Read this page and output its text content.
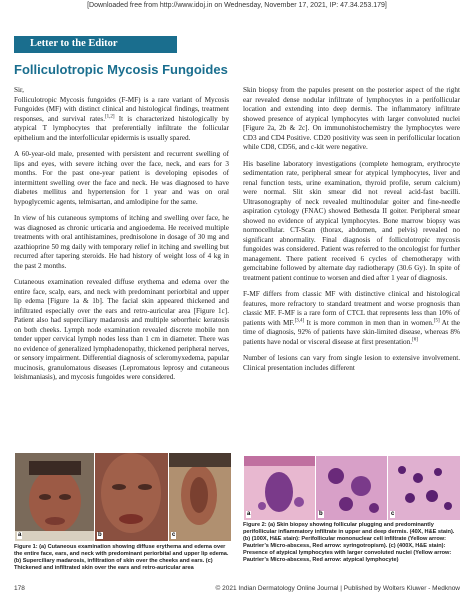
[Downloaded free from http://www.idoj.in on Wednesday, November 17, 2021, IP: 47.34.253.179]
Letter to the Editor
Folliculotropic Mycosis Fungoides

Sir,

Folliculotropic Mycosis fungoides (F-MF) is a rare variant of Mycosis Fungoides (MF) with distinct clinical and histological findings, treatment responses, and survival rates.[1,2] It is characterized histologically by atypical T lymphocytes that preferentially infiltrate the follicular epithelium and the interfollicular epidermis is usually spared.

A 60-year-old male, presented with persistent and recurrent swelling of lips and eyes, with severe itching over the face, neck, and ears for 3 months. For the past one-year patient is developing episodes of intermittent swelling over the face and neck. He was diagnosed to have diabetes mellitus and hypertension for 1 year and was on oral hypoglycemic agents, telmisartan, and amlodipine for the same.

In view of his cutaneous symptoms of itching and swelling over face, he was diagnosed as chronic urticaria and angioedema. He received multiple treatments with oral antihistamines, prednisolone in dosage of 30 mg and azathioprine 50 mg daily with temporary relief in itching and swelling but recurred after tapering steroids. He had history of weight loss of 4 kg in the past 2 months.

Cutaneous examination revealed diffuse erythema and edema over the entire face, scalp, ears, and neck with predominant periorbital and upper lip edema [Figure 1a & 1b]. The facial skin appeared thickened and infiltrated especially over the ears and retro-auricular area [Figure 1c]. Patient also had superciliary madarosis and multiple seborrheic keratosis on both cheeks. Lymph node examination revealed discrete mobile non tender upper cervical lymph nodes less than 1 cm in diameter. There was no evidence of generalized lymphadenopathy, thickened peripheral nerves, or sensory impairment. Differential diagnosis of scleromyxedema, papular mucinosis, granulomatous diseases (Lepromatous leprosy and cutaneous leishmaniasis), and mycosis fungoides were considered.

Skin biopsy from the papules present on the posterior aspect of the right ear revealed dense nodular infiltrate of lymphocytes in a perifollicular location and extending into deep dermis. The inflammatory infiltrate showed presence of atypical lymphocytes with larger convoluted nuclei [Figure 2a, 2b & 2c]. On immunohistochemistry the lymphocytes were CD3 and CD4 Positive. CD20 positivity was seen in perifollicular location while CD8, CD56, and c-kit were negative.

His baseline laboratory investigations (complete hemogram, erythrocyte sedimentation rate, peripheral smear for atypical lymphocytes, liver and renal function tests, urine examination, thyroid profile, serum calcium) were normal. Slit skin smear did not reveal acid-fast bacilli. Ultrasonography of neck revealed multinodular goiter and fine-needle aspiration cytology (FNAC) showed Bethesda II goiter. Peripheral smear showed no evidence of atypical lymphocytes. Bone marrow biopsy was normocellular. CT-Scan (thorax, abdomen, and pelvis) revealed no significant abnormality. Final diagnosis of folliculotropic mycosis fungoides was considered. Patient was referred to the oncologist for further management. There patient received 6 cycles of chemotherapy with gemcitabine followed by alternate day radiotherapy (30.6 Gy). In spite of treatment patient continue to worsen and died after 1 year of diagnosis.

F-MF differs from classic MF with distinctive clinical and histological features, more refractory to standard treatment and worse prognosis than classic MF. F-MF is a rare form of CTCL that represents less than 10% of patients with MF.[3,4] It is more common in men than in women.[5] At the time of diagnosis, 92% of patients have skin-limited disease, whereas 8% patients have nodal or visceral disease at first presentation.[6]

Number of lesions can vary from single lesion to extensive involvement. Clinical presentation includes different

a	b	c
Figure 1: (a) Cutaneous examination showing diffuse erythema and edema over the entire face, ears, and neck with predominant periorbital and upper lip edema. (b) Superciliary madarosis, infiltration of skin over the cheeks and ears. (c) Thickened and infiltrated skin over the ears and retro-auricular area
a	b	c
Figure 2: (a) Skin biopsy showing follicular plugging and predominantly perifollicular inflammatory infiltrate in upper and deep dermis. (40X, H&E stain). (b) (100X, H&E stain): Perifollicular mononuclear cell infiltrate (Yellow arrow: Pautrier’s Micro-abscess, Red arrow: syringotropism). (c) (400X, H&E stain): Presence of atypical lymphocytes with larger convoluted nuclei (Yellow arrow: Pautrier’s Micro-abscess, Red arrow: atypical lymphocyte)
178	© 2021 Indian Dermatology Online Journal | Published by Wolters Kluwer - Medknow
